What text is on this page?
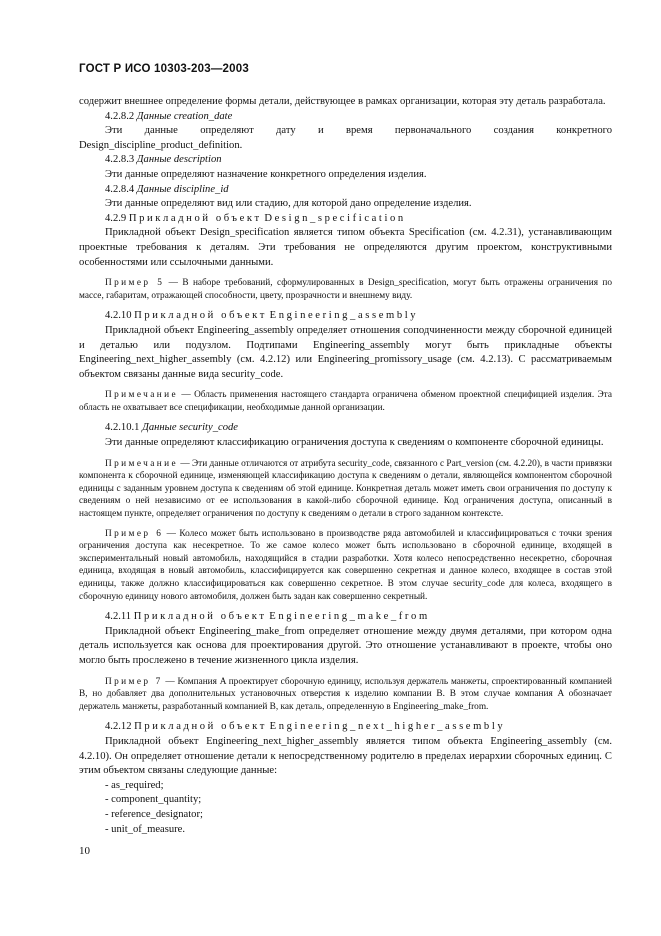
ГОСТ Р ИСО 10303-203—2003

содержит внешнее определение формы детали, действующее в рамках организации, которая эту деталь разработала.

4.2.8.2 Данные creation_date

Эти данные определяют дату и время первоначального создания конкретного Design_discipline_product_definition.

4.2.8.3 Данные description

Эти данные определяют назначение конкретного определения изделия.

4.2.8.4 Данные discipline_id

Эти данные определяют вид или стадию, для которой дано определение изделия.

4.2.9 Прикладной объект Design_specification

Прикладной объект Design_specification является типом объекта Specification (см. 4.2.31), устанавливающим проектные требования к деталям. Эти требования не определяются другим проектом, конструктивными особенностями или ссылочными данными.

Пример 5 — В наборе требований, сформулированных в Design_specification, могут быть отражены ограничения по массе, габаритам, отражающей способности, цвету, прозрачности и внешнему виду.

4.2.10 Прикладной объект Engineering_assembly

Прикладной объект Engineering_assembly определяет отношения соподчиненности между сборочной единицей и деталью или подузлом. Подтипами Engineering_assembly могут быть прикладные объекты Engineering_next_higher_assembly (см. 4.2.12) или Engineering_promissory_usage (см. 4.2.13). С рассматриваемым объектом связаны данные вида security_code.

Примечание — Область применения настоящего стандарта ограничена обменом проектной специфицией изделия. Эта область не охватывает все спецификации, необходимые данной организации.

4.2.10.1 Данные security_code

Эти данные определяют классификацию ограничения доступа к сведениям о компоненте сборочной единицы.

Примечание — Эти данные отличаются от атрибута security_code, связанного с Part_version (см. 4.2.20), в части привязки компонента к сборочной единице, изменяющей классификацию доступа к сведениям о детали, являющейся компонентом сборочной единицы с заданным уровнем доступа к сведениям об этой единице. Конкретная деталь может иметь свои ограничения по доступу к сведениям о ней независимо от ее использования в какой-либо сборочной единице. Код ограничения доступа, описанный в настоящем пункте, определяет ограничения по доступу к сведениям о детали в строго заданном контексте.

Пример 6 — Колесо может быть использовано в производстве ряда автомобилей и классифицироваться с точки зрения ограничения доступа как несекретное. То же самое колесо может быть использовано в сборочной единице, входящей в экспериментальный новый автомобиль, находящийся в стадии разработки. Хотя колесо непосредственно несекретно, сборочная единица, входящая в новый автомобиль, классифицируется как совершенно секретная и данное колесо, входящее в состав этой единицы, также должно классифицироваться как совершенно секретное. В этом случае security_code для колеса, входящего в сборочную единицу нового автомобиля, должен быть задан как совершенно секретный.

4.2.11 Прикладной объект Engineering_make_from

Прикладной объект Engineering_make_from определяет отношение между двумя деталями, при котором одна деталь используется как основа для проектирования другой. Это отношение устанавливают в проекте, чтобы оно могло быть прослежено в течение жизненного цикла изделия.

Пример 7 — Компания A проектирует сборочную единицу, используя держатель манжеты, спроектированный компанией B, но добавляет два дополнительных установочных отверстия к изделию компании B. В этом случае компания A обозначает держатель манжеты, разработанный компанией B, как деталь, определенную в Engineering_make_from.

4.2.12 Прикладной объект Engineering_next_higher_assembly

Прикладной объект Engineering_next_higher_assembly является типом объекта Engineering_assembly (см. 4.2.10). Он определяет отношение детали к непосредственному родителю в пределах иерархии сборочных единиц. С этим объектом связаны следующие данные:

- as_required;
- component_quantity;
- reference_designator;
- unit_of_measure.
10
